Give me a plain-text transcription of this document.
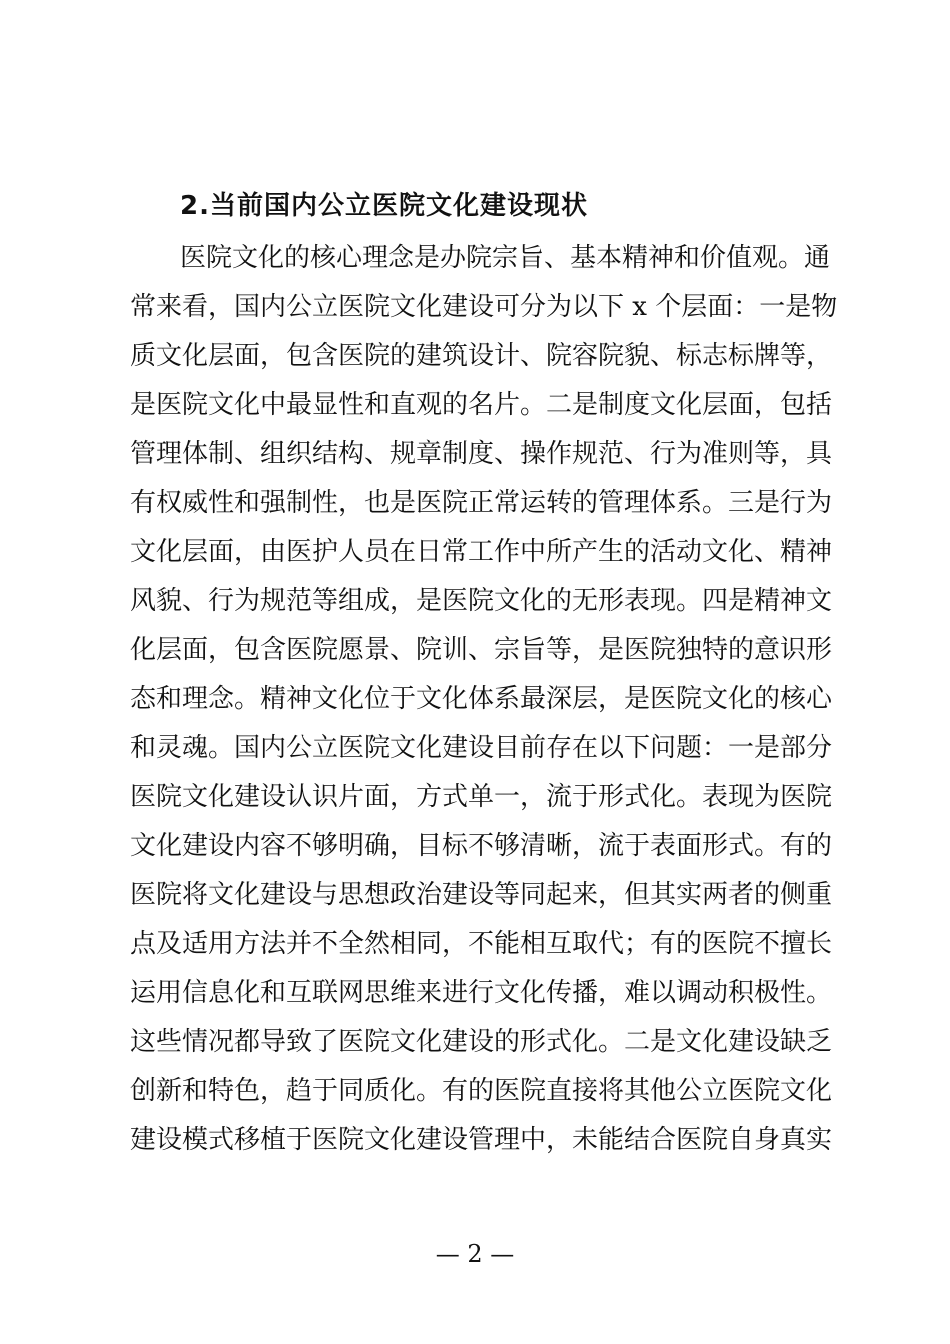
2.当前国内公立医院文化建设现状
医院文化的核心理念是办院宗旨、基本精神和价值观。通
常来看，国内公立医院文化建设可分为以下 x 个层面：一是物
质文化层面，包含医院的建筑设计、院容院貌、标志标牌等，
是医院文化中最显性和直观的名片。二是制度文化层面，包括
管理体制、组织结构、规章制度、操作规范、行为准则等，具
有权威性和强制性，也是医院正常运转的管理体系。三是行为
文化层面，由医护人员在日常工作中所产生的活动文化、精神
风貌、行为规范等组成，是医院文化的无形表现。四是精神文
化层面，包含医院愿景、院训、宗旨等，是医院独特的意识形
态和理念。精神文化位于文化体系最深层，是医院文化的核心
和灵魂。国内公立医院文化建设目前存在以下问题：一是部分
医院文化建设认识片面，方式单一，流于形式化。表现为医院
文化建设内容不够明确，目标不够清晰，流于表面形式。有的
医院将文化建设与思想政治建设等同起来，但其实两者的侧重
点及适用方法并不全然相同，不能相互取代；有的医院不擅长
运用信息化和互联网思维来进行文化传播，难以调动积极性。
这些情况都导致了医院文化建设的形式化。二是文化建设缺乏
创新和特色，趋于同质化。有的医院直接将其他公立医院文化
建设模式移植于医院文化建设管理中，未能结合医院自身真实
— 2 —
